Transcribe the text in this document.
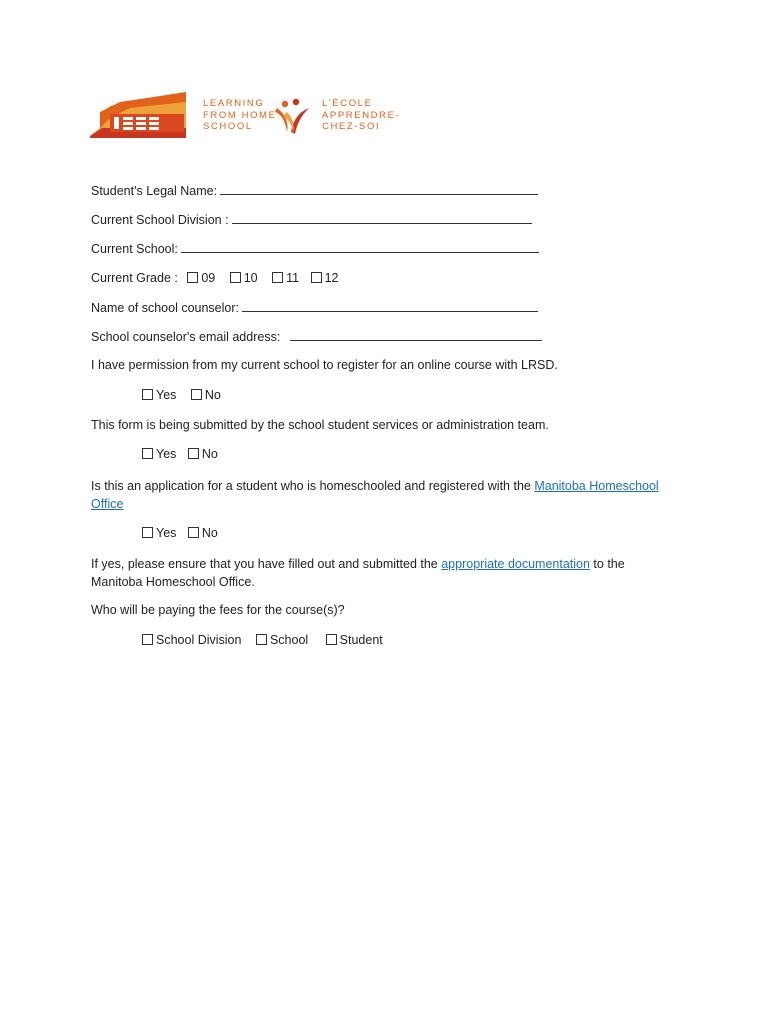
LEARNING
FROM HOME
SCHOOL
L'ÉCOLE
APPRENDRE-
CHEZ-SOI
Student's Legal Name:
Current School Division :
Current School:
Current Grade : 09 10 11 12
Name of school counselor:
School counselor's email address:
I have permission from my current school to register for an online course with LRSD.
Yes No
This form is being submitted by the school student services or administration team.
Yes No
Is this an application for a student who is homeschooled and registered with the Manitoba Homeschool Office
Yes No
If yes, please ensure that you have filled out and submitted the appropriate documentation to the Manitoba Homeschool Office.
Who will be paying the fees for the course(s)?
School Division School	Student
